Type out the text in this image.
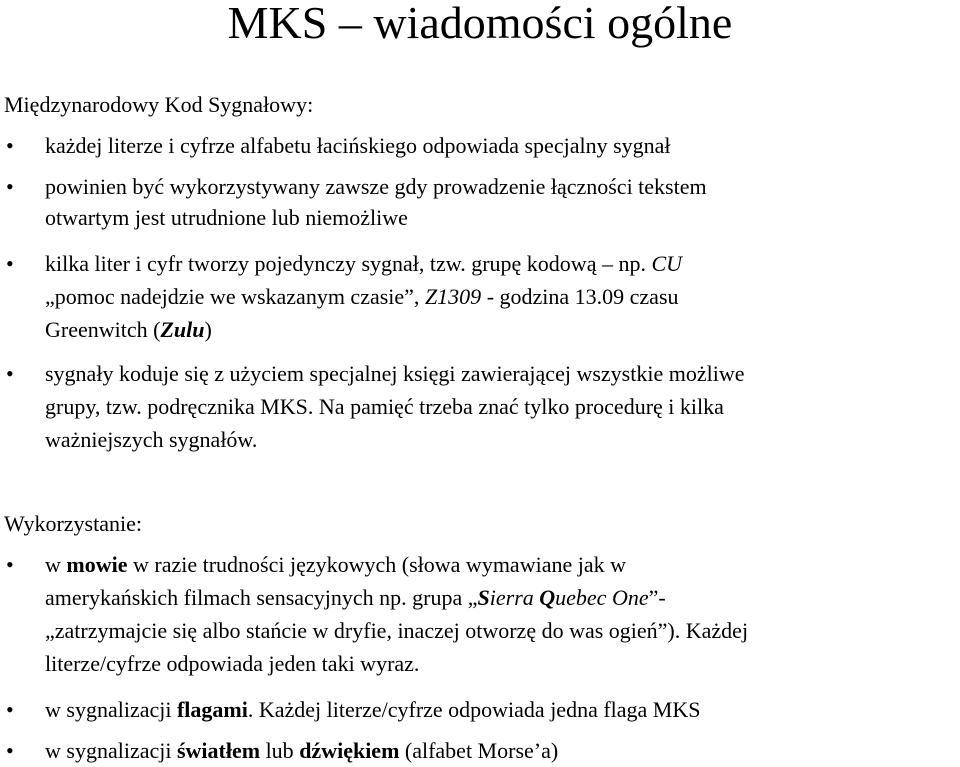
MKS – wiadomości ogólne
Międzynarodowy Kod Sygnałowy:
• każdej literze i cyfrze alfabetu łacińskiego odpowiada specjalny sygnał
• powinien być wykorzystywany zawsze gdy prowadzenie łączności tekstem
otwartym jest utrudnione lub niemożliwe
• kilka liter i cyfr tworzy pojedynczy sygnał, tzw. grupę kodową – np. CU
„pomoc nadejdzie we wskazanym czasie”, Z1309 - godzina 13.09 czasu
Greenwitch (Zulu)
• sygnały koduje się z użyciem specjalnej księgi zawierającej wszystkie możliwe
grupy, tzw. podręcznika MKS. Na pamięć trzeba znać tylko procedurę i kilka
ważniejszych sygnałów.
Wykorzystanie:
• w mowie w razie trudności językowych (słowa wymawiane jak w
amerykańskich filmach sensacyjnych np. grupa „Sierra Quebec One”-
„zatrzymajcie się albo stańcie w dryfie, inaczej otworzę do was ogień”). Każdej
literze/cyfrze odpowiada jeden taki wyraz.
• w sygnalizacji flagami. Każdej literze/cyfrze odpowiada jedna flaga MKS
• w sygnalizacji światłem lub dźwiękiem (alfabet Morse’a)
